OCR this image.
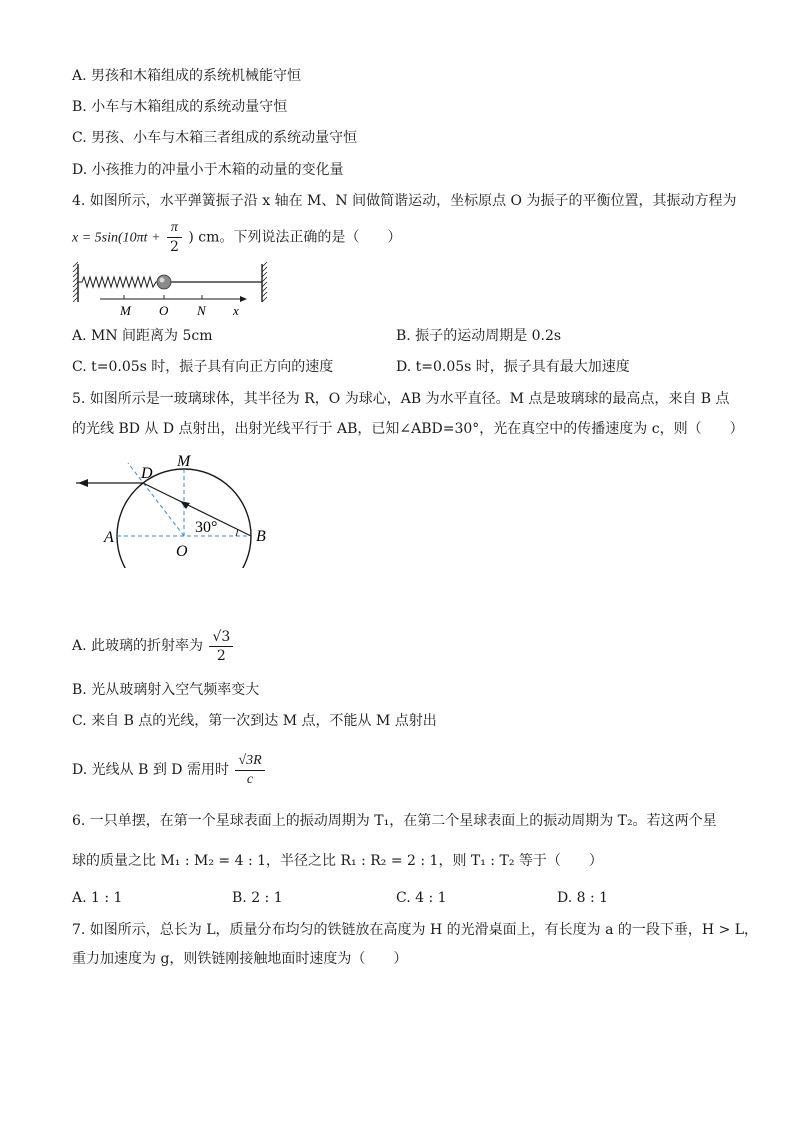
A. 男孩和木箱组成的系统机械能守恒
B. 小车与木箱组成的系统动量守恒
C. 男孩、小车与木箱三者组成的系统动量守恒
D. 小孩推力的冲量小于木箱的动量的变化量
4. 如图所示，水平弹簧振子沿 x 轴在 M、N 间做简谐运动，坐标原点 O 为振子的平衡位置，其振动方程为
$x = 5\sin(10\pi t + \frac{\pi}{2}$ ) cm。下列说法正确的是（　　）
M O N x
A. MN 间距离为 5cm	B. 振子的运动周期是 0.2s
C. t=0.05s 时，振子具有向正方向的速度	D. t=0.05s 时，振子具有最大加速度
5. 如图所示是一玻璃球体，其半径为 R，O 为球心，AB 为水平直径。M 点是玻璃球的最高点，来自 B 点
的光线 BD 从 D 点射出，出射光线平行于 AB，已知∠ABD=30°，光在真空中的传播速度为 c，则（　　）
30°
D
M
A
O
B
A. 此玻璃的折射率为 $\frac{√3}{2}$
B. 光从玻璃射入空气频率变大
C. 来自 B 点的光线，第一次到达 M 点，不能从 M 点射出
D. 光线从 B 到 D 需用时 $\frac{√3R}{c}$
6. 一只单摆，在第一个星球表面上的振动周期为 T₁，在第二个星球表面上的振动周期为 T₂。若这两个星
球的质量之比 M₁ : M₂ = 4 : 1，半径之比 R₁ : R₂ = 2 : 1，则 T₁ : T₂ 等于（　　）
A. 1 : 1	B. 2 : 1	C. 4 : 1	D. 8 : 1
7. 如图所示，总长为 L，质量分布均匀的铁链放在高度为 H 的光滑桌面上，有长度为 a 的一段下垂，H > L，
重力加速度为 g，则铁链刚接触地面时速度为（　　）
